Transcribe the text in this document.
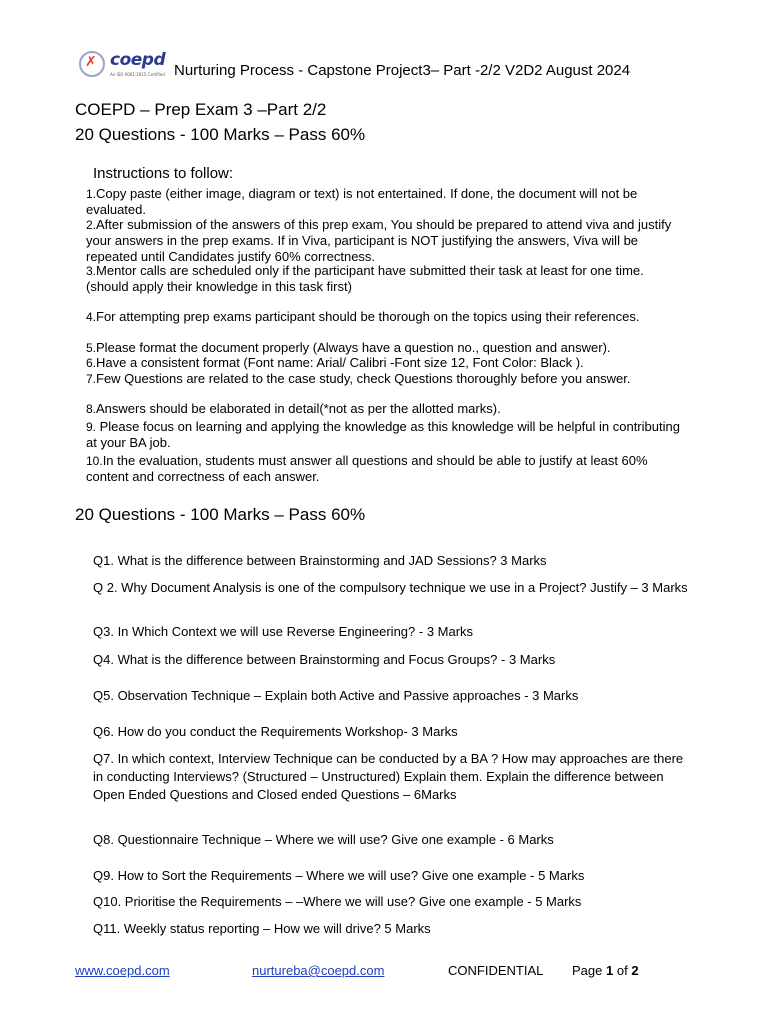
✗ coepd
An ISO 9001:2015 Certified Nurturing Process - Capstone Project3– Part -2/2 V2D2 August 2024
COEPD – Prep Exam 3 –Part 2/2
20 Questions - 100 Marks – Pass 60%
Instructions to follow:
1.Copy paste (either image, diagram or text) is not entertained. If done, the document will not be evaluated.
2.After submission of the answers of this prep exam, You should be prepared to attend viva and justify your answers in the prep exams. If in Viva, participant is NOT justifying the answers, Viva will be repeated until Candidates justify 60% correctness.
3.Mentor calls are scheduled only if the participant have submitted their task at least for one time.
(should apply their knowledge in this task first)
4.For attempting prep exams participant should be thorough on the topics using their references.
5.Please format the document properly (Always have a question no., question and answer).
6.Have a consistent format (Font name: Arial/ Calibri -Font size 12, Font Color: Black ).
7.Few Questions are related to the case study, check Questions thoroughly before you answer.
8.Answers should be elaborated in detail(*not as per the allotted marks).
9. Please focus on learning and applying the knowledge as this knowledge will be helpful in contributing at your BA job.
10.In the evaluation, students must answer all questions and should be able to justify at least 60% content and correctness of each answer.
20 Questions - 100 Marks – Pass 60%
Q1. What is the difference between Brainstorming and JAD Sessions? 3 Marks
Q 2. Why Document Analysis is one of the compulsory technique we use in a Project? Justify – 3 Marks
Q3. In Which Context we will use Reverse Engineering? - 3 Marks
Q4. What is the difference between Brainstorming and Focus Groups? - 3 Marks
Q5. Observation Technique – Explain both Active and Passive approaches - 3 Marks
Q6. How do you conduct the Requirements Workshop- 3 Marks
Q7. In which context, Interview Technique can be conducted by a BA ? How may approaches are there in conducting Interviews? (Structured – Unstructured) Explain them. Explain the difference between Open Ended Questions and Closed ended Questions – 6Marks
Q8. Questionnaire Technique – Where we will use? Give one example - 6 Marks
Q9. How to Sort the Requirements – Where we will use? Give one example - 5 Marks
Q10. Prioritise the Requirements – –Where we will use? Give one example - 5 Marks
Q11. Weekly status reporting – How we will drive? 5 Marks
www.coepd.com	nurtureba@coepd.com	CONFIDENTIAL Page 1 of 2
